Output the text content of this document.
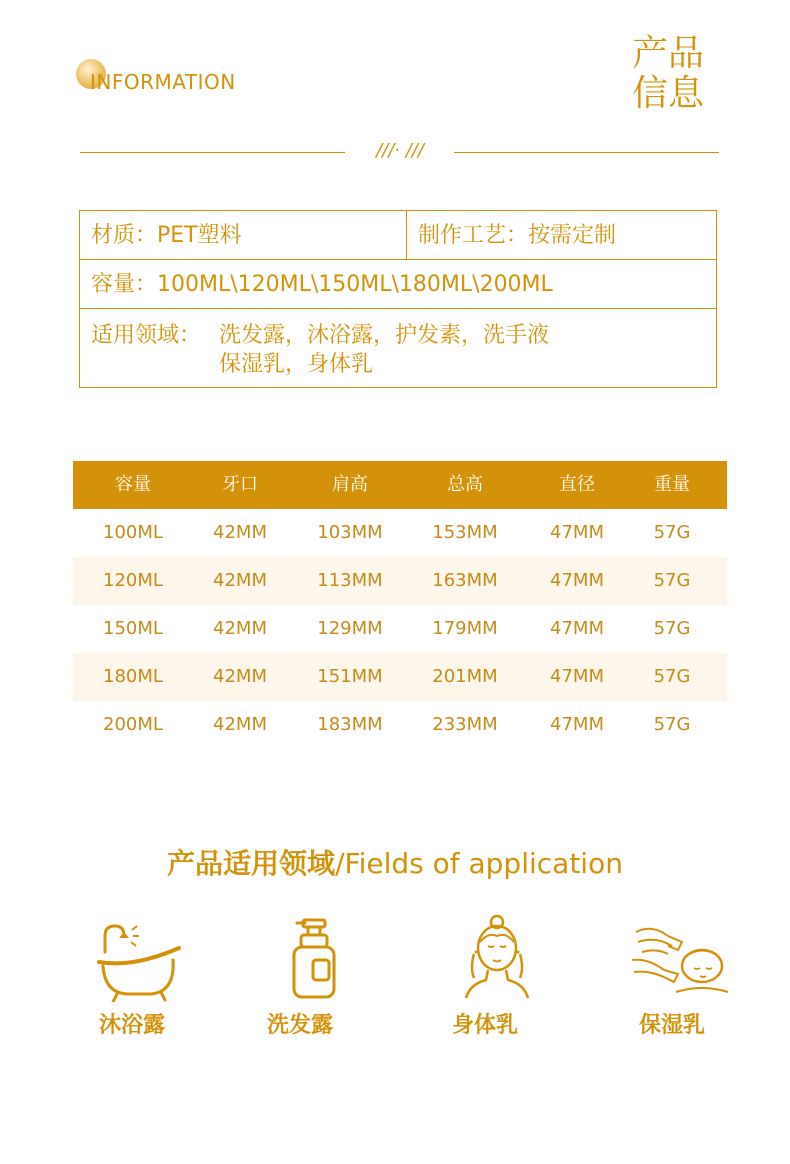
INFORMATION
产品
信息
///· ///
材质：PET塑料	制作工艺：按需定制
容量：100ML\120ML\150ML\180ML\200ML
适用领域： 洗发露，沐浴露，护发素，洗手液
保湿乳，身体乳
容量	牙口	肩高	总高	直径	重量
100ML	42MM	103MM	153MM	47MM	57G
120ML	42MM	113MM	163MM	47MM	57G
150ML	42MM	129MM	179MM	47MM	57G
180ML	42MM	151MM	201MM	47MM	57G
200ML	42MM	183MM	233MM	47MM	57G
产品适用领域/Fields of application
沐浴露	洗发露	身体乳	保湿乳
